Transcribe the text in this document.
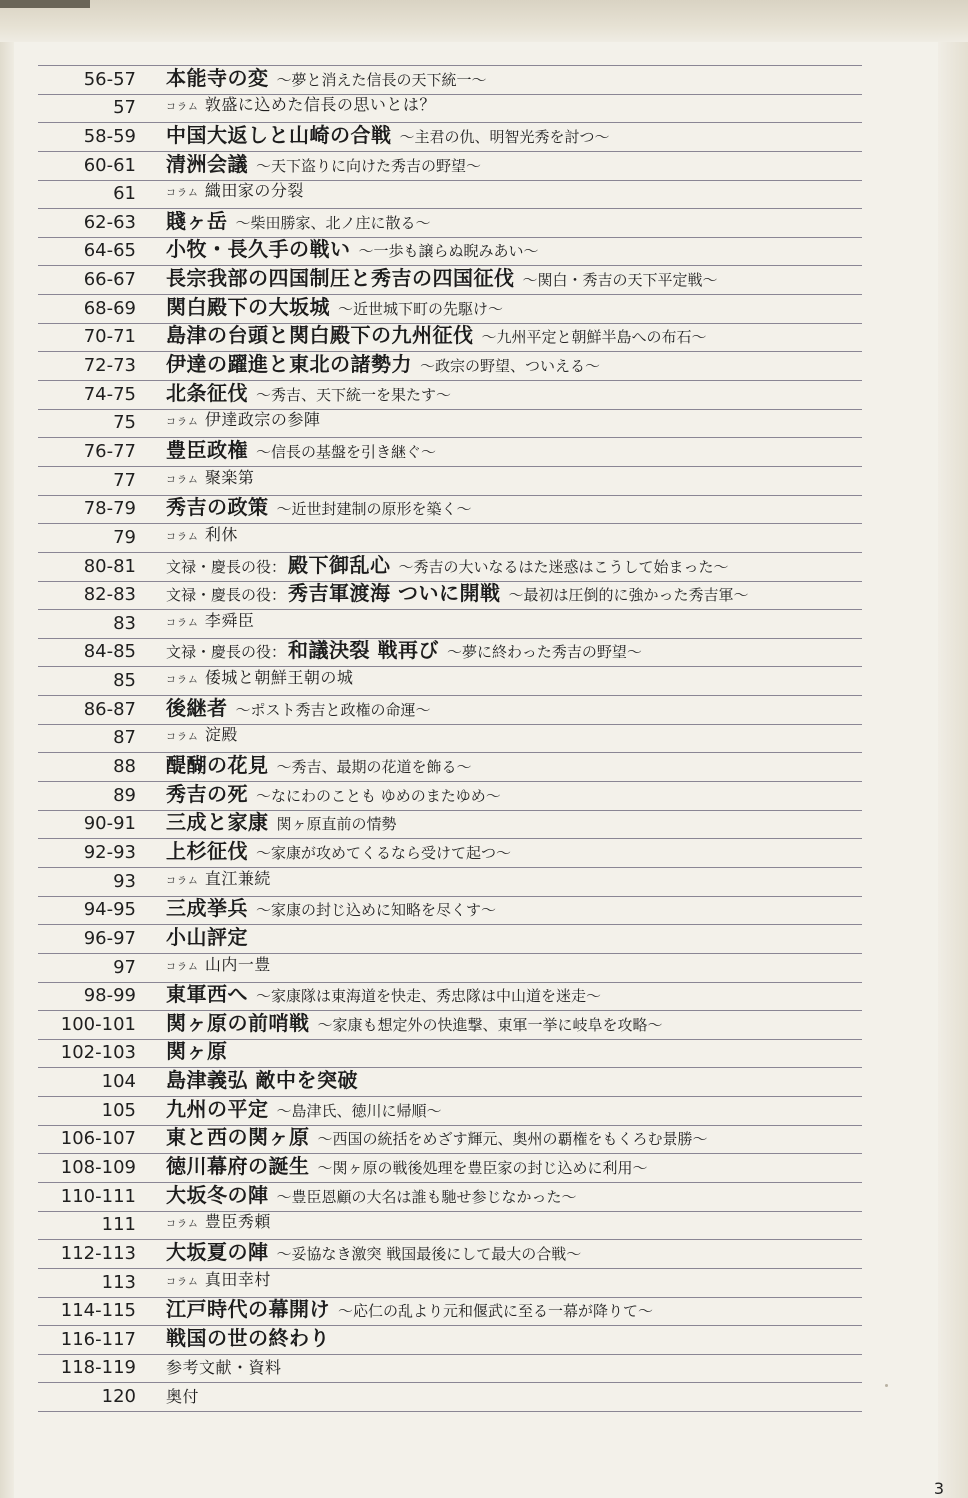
56-57 本能寺の変 ～夢と消えた信長の天下統一～
57	コラム 敦盛に込めた信長の思いとは？
58-59 中国大返しと山崎の合戦 ～主君の仇、明智光秀を討つ～
60-61 清洲会議 ～天下盗りに向けた秀吉の野望～
61	コラム 織田家の分裂
62-63 賤ヶ岳 ～柴田勝家、北ノ庄に散る～
64-65 小牧・長久手の戦い ～一歩も譲らぬ睨みあい～
66-67 長宗我部の四国制圧と秀吉の四国征伐 ～関白・秀吉の天下平定戦～
68-69 関白殿下の大坂城 ～近世城下町の先駆け～
70-71 島津の台頭と関白殿下の九州征伐 ～九州平定と朝鮮半島への布石～
72-73 伊達の躍進と東北の諸勢力 ～政宗の野望、ついえる～
74-75 北条征伐 ～秀吉、天下統一を果たす～
75	コラム 伊達政宗の参陣
76-77 豊臣政権 ～信長の基盤を引き継ぐ～
77	コラム 聚楽第
78-79 秀吉の政策 ～近世封建制の原形を築く～
79	コラム 利休
80-81 文禄・慶長の役： 殿下御乱心 ～秀吉の大いなるはた迷惑はこうして始まった～
82-83 文禄・慶長の役： 秀吉軍渡海 ついに開戦 ～最初は圧倒的に強かった秀吉軍～
83	コラム 李舜臣
84-85 文禄・慶長の役： 和議決裂 戦再び ～夢に終わった秀吉の野望～
85	コラム 倭城と朝鮮王朝の城
86-87 後継者 ～ポスト秀吉と政権の命運～
87	コラム 淀殿
88 醍醐の花見 ～秀吉、最期の花道を飾る～
89 秀吉の死 ～なにわのことも ゆめのまたゆめ～
90-91 三成と家康 関ヶ原直前の情勢
92-93 上杉征伐 ～家康が攻めてくるなら受けて起つ～
93	コラム 直江兼続
94-95 三成挙兵 ～家康の封じ込めに知略を尽くす～
96-97 小山評定
97	コラム 山内一豊
98-99 東軍西へ ～家康隊は東海道を快走、秀忠隊は中山道を迷走～
100-101 関ヶ原の前哨戦 ～家康も想定外の快進撃、東軍一挙に岐阜を攻略～
102-103 関ヶ原
104 島津義弘 敵中を突破
105 九州の平定 ～島津氏、徳川に帰順～
106-107 東と西の関ヶ原 ～西国の統括をめざす輝元、奥州の覇権をもくろむ景勝～
108-109 徳川幕府の誕生 ～関ヶ原の戦後処理を豊臣家の封じ込めに利用～
110-111 大坂冬の陣 ～豊臣恩顧の大名は誰も馳せ参じなかった～
111	コラム 豊臣秀頼
112-113 大坂夏の陣 ～妥協なき激突 戦国最後にして最大の合戦～
113	コラム 真田幸村
114-115 江戸時代の幕開け ～応仁の乱より元和偃武に至る一幕が降りて～
116-117 戦国の世の終わり
118-119 参考文献・資料
120 奥付
3
